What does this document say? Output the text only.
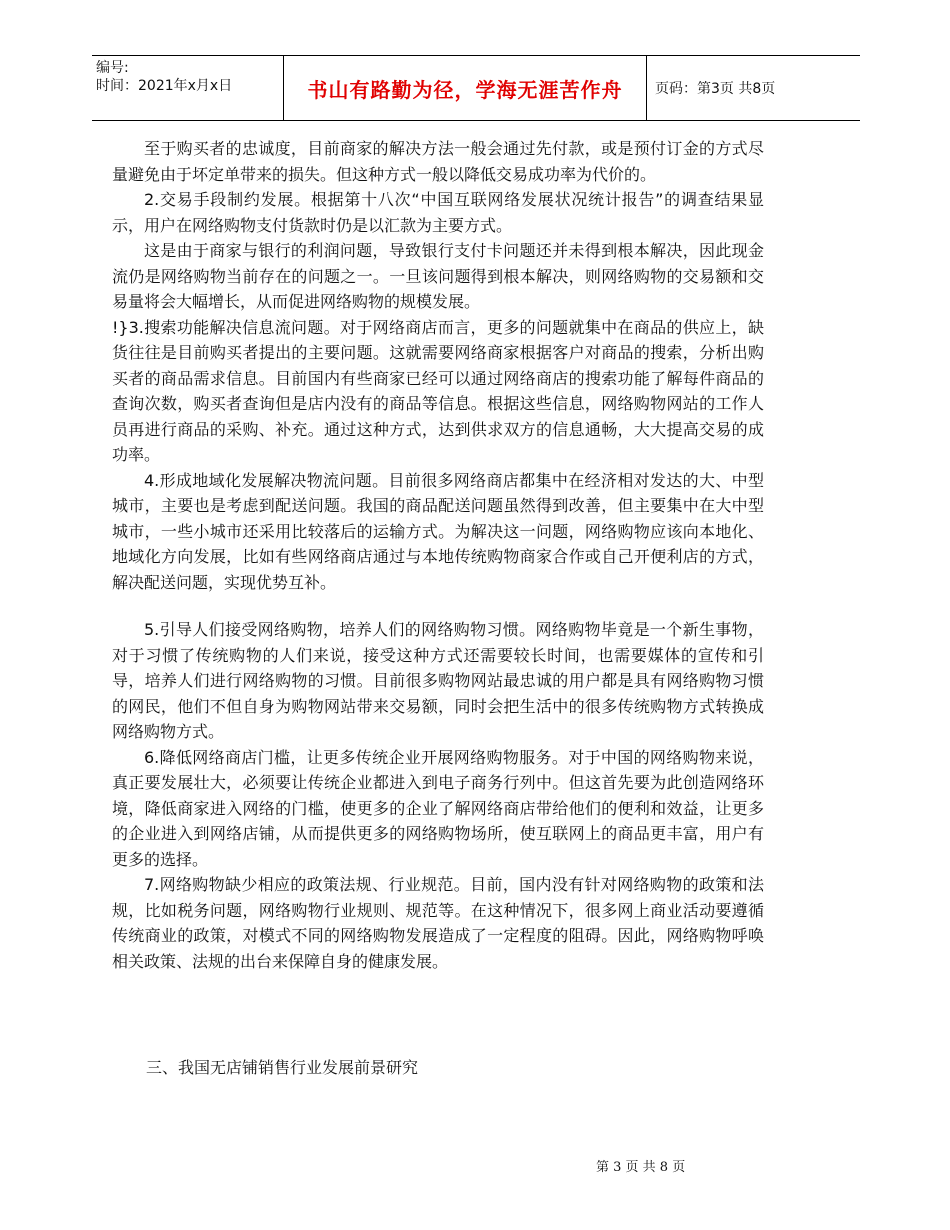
编号:
时间：2021年x月x日	书山有路勤为径，学海无涯苦作舟	页码：第3页 共8页

至于购买者的忠诚度，目前商家的解决方法一般会通过先付款，或是预付订金的方式尽量避免由于坏定单带来的损失。但这种方式一般以降低交易成功率为代价的。

2.交易手段制约发展。根据第十八次“中国互联网络发展状况统计报告”的调查结果显示，用户在网络购物支付货款时仍是以汇款为主要方式。

这是由于商家与银行的利润问题，导致银行支付卡问题还并未得到根本解决，因此现金流仍是网络购物当前存在的问题之一。一旦该问题得到根本解决，则网络购物的交易额和交易量将会大幅增长，从而促进网络购物的规模发展。

!}3.搜索功能解决信息流问题。对于网络商店而言，更多的问题就集中在商品的供应上，缺货往往是目前购买者提出的主要问题。这就需要网络商家根据客户对商品的搜索，分析出购买者的商品需求信息。目前国内有些商家已经可以通过网络商店的搜索功能了解每件商品的查询次数，购买者查询但是店内没有的商品等信息。根据这些信息，网络购物网站的工作人员再进行商品的采购、补充。通过这种方式，达到供求双方的信息通畅，大大提高交易的成功率。

4.形成地域化发展解决物流问题。目前很多网络商店都集中在经济相对发达的大、中型城市，主要也是考虑到配送问题。我国的商品配送问题虽然得到改善，但主要集中在大中型城市，一些小城市还采用比较落后的运输方式。为解决这一问题，网络购物应该向本地化、地域化方向发展，比如有些网络商店通过与本地传统购物商家合作或自己开便利店的方式，解决配送问题，实现优势互补。

5.引导人们接受网络购物，培养人们的网络购物习惯。网络购物毕竟是一个新生事物，对于习惯了传统购物的人们来说，接受这种方式还需要较长时间，也需要媒体的宣传和引导，培养人们进行网络购物的习惯。目前很多购物网站最忠诚的用户都是具有网络购物习惯的网民，他们不但自身为购物网站带来交易额，同时会把生活中的很多传统购物方式转换成网络购物方式。

6.降低网络商店门槛，让更多传统企业开展网络购物服务。对于中国的网络购物来说，真正要发展壮大，必须要让传统企业都进入到电子商务行列中。但这首先要为此创造网络环境，降低商家进入网络的门槛，使更多的企业了解网络商店带给他们的便利和效益，让更多的企业进入到网络店铺，从而提供更多的网络购物场所，使互联网上的商品更丰富，用户有更多的选择。

7.网络购物缺少相应的政策法规、行业规范。目前，国内没有针对网络购物的政策和法规，比如税务问题，网络购物行业规则、规范等。在这种情况下，很多网上商业活动要遵循传统商业的政策，对模式不同的网络购物发展造成了一定程度的阻碍。因此，网络购物呼唤相关政策、法规的出台来保障自身的健康发展。

三、我国无店铺销售行业发展前景研究
第 3 页 共 8 页
